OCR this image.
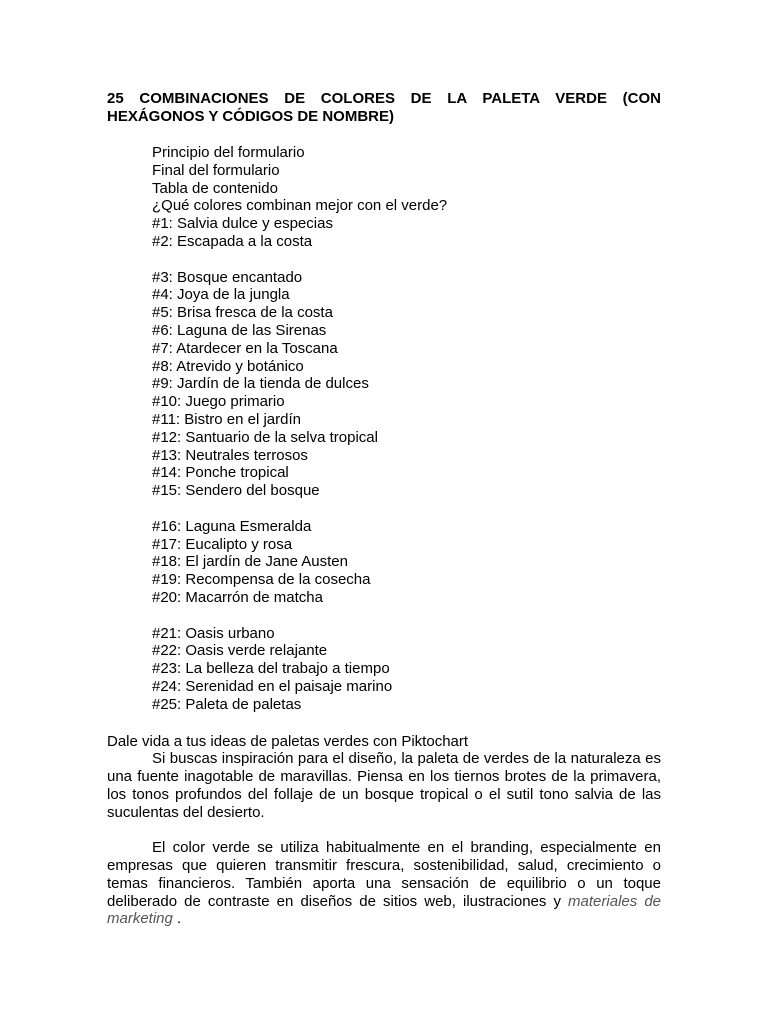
25 COMBINACIONES DE COLORES DE LA PALETA VERDE (CON
HEXÁGONOS Y CÓDIGOS DE NOMBRE)
Principio del formulario
Final del formulario
Tabla de contenido
¿Qué colores combinan mejor con el verde?
#1: Salvia dulce y especias
#2: Escapada a la costa
#3: Bosque encantado
#4: Joya de la jungla
#5: Brisa fresca de la costa
#6: Laguna de las Sirenas
#7: Atardecer en la Toscana
#8: Atrevido y botánico
#9: Jardín de la tienda de dulces
#10: Juego primario
#11: Bistro en el jardín
#12: Santuario de la selva tropical
#13: Neutrales terrosos
#14: Ponche tropical
#15: Sendero del bosque
#16: Laguna Esmeralda
#17: Eucalipto y rosa
#18: El jardín de Jane Austen
#19: Recompensa de la cosecha
#20: Macarrón de matcha
#21: Oasis urbano
#22: Oasis verde relajante
#23: La belleza del trabajo a tiempo
#24: Serenidad en el paisaje marino
#25: Paleta de paletas

Dale vida a tus ideas de paletas verdes con Piktochart

Si buscas inspiración para el diseño, la paleta de verdes de la naturaleza es una fuente inagotable de maravillas. Piensa en los tiernos brotes de la primavera, los tonos profundos del follaje de un bosque tropical o el sutil tono salvia de las suculentas del desierto.

El color verde se utiliza habitualmente en el branding, especialmente en empresas que quieren transmitir frescura, sostenibilidad, salud, crecimiento o temas financieros. También aporta una sensación de equilibrio o un toque deliberado de contraste en diseños de sitios web, ilustraciones y materiales de marketing .
